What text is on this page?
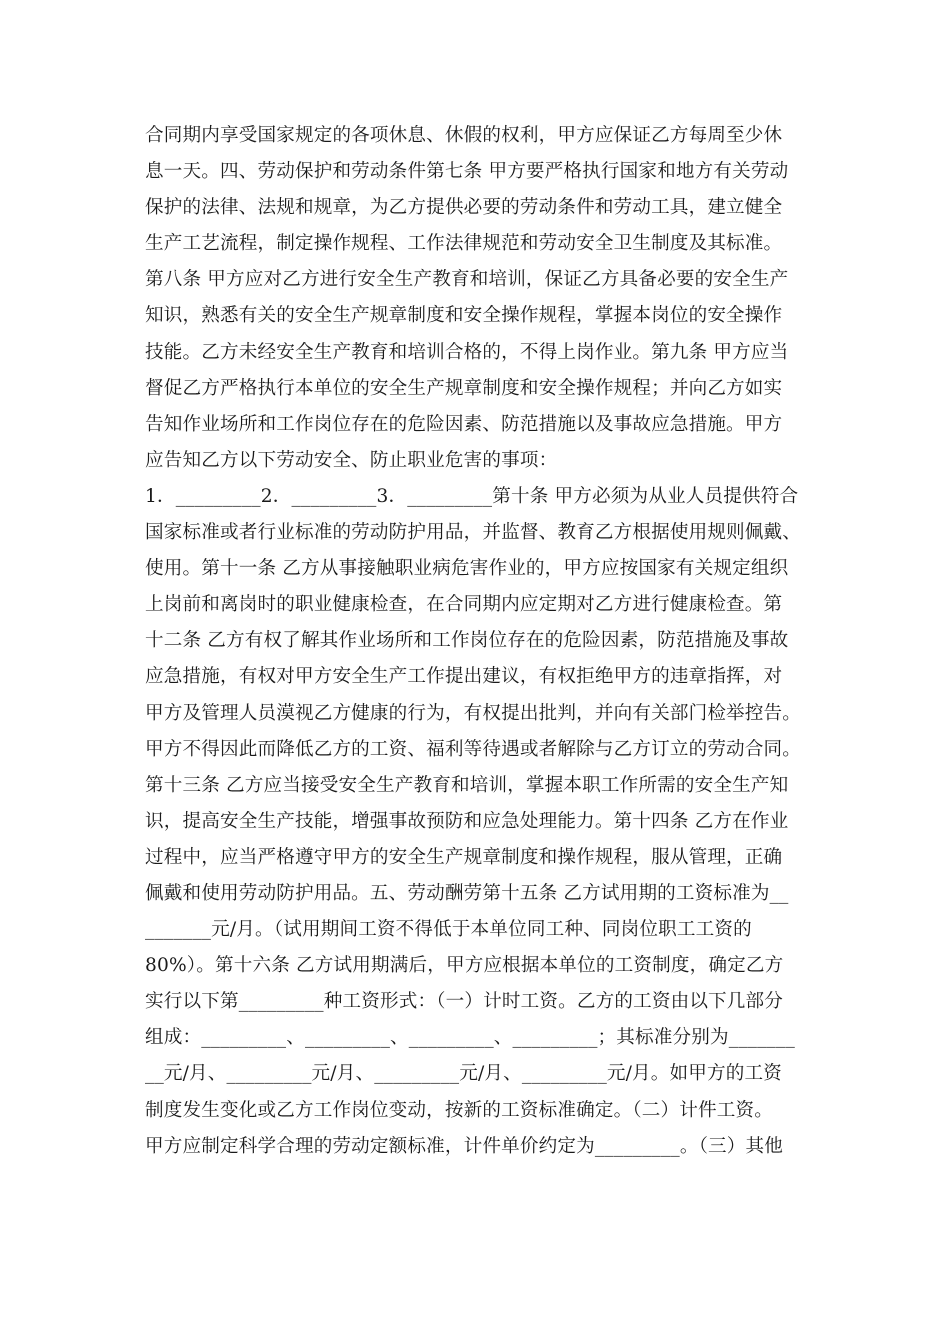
合同期内享受国家规定的各项休息、休假的权利，甲方应保证乙方每周至少休
息一天。四、劳动保护和劳动条件第七条 甲方要严格执行国家和地方有关劳动
保护的法律、法规和规章，为乙方提供必要的劳动条件和劳动工具，建立健全
生产工艺流程，制定操作规程、工作法律规范和劳动安全卫生制度及其标准。
第八条 甲方应对乙方进行安全生产教育和培训，保证乙方具备必要的安全生产
知识，熟悉有关的安全生产规章制度和安全操作规程，掌握本岗位的安全操作
技能。乙方未经安全生产教育和培训合格的，不得上岗作业。第九条 甲方应当
督促乙方严格执行本单位的安全生产规章制度和安全操作规程；并向乙方如实
告知作业场所和工作岗位存在的危险因素、防范措施以及事故应急措施。甲方
应告知乙方以下劳动安全、防止职业危害的事项：
1．_________2．_________3．_________第十条 甲方必须为从业人员提供符合
国家标准或者行业标准的劳动防护用品，并监督、教育乙方根据使用规则佩戴、
使用。第十一条 乙方从事接触职业病危害作业的，甲方应按国家有关规定组织
上岗前和离岗时的职业健康检查，在合同期内应定期对乙方进行健康检查。第
十二条 乙方有权了解其作业场所和工作岗位存在的危险因素，防范措施及事故
应急措施，有权对甲方安全生产工作提出建议，有权拒绝甲方的违章指挥，对
甲方及管理人员漠视乙方健康的行为，有权提出批判，并向有关部门检举控告。
甲方不得因此而降低乙方的工资、福利等待遇或者解除与乙方订立的劳动合同。
第十三条 乙方应当接受安全生产教育和培训，掌握本职工作所需的安全生产知
识，提高安全生产技能，增强事故预防和应急处理能力。第十四条 乙方在作业
过程中，应当严格遵守甲方的安全生产规章制度和操作规程，服从管理，正确
佩戴和使用劳动防护用品。五、劳动酬劳第十五条 乙方试用期的工资标准为__
_______元/月。（试用期间工资不得低于本单位同工种、同岗位职工工资的
80%）。第十六条 乙方试用期满后，甲方应根据本单位的工资制度，确定乙方
实行以下第_________种工资形式：（一）计时工资。乙方的工资由以下几部分
组成：_________、_________、_________、_________；其标准分别为_______
__元/月、_________元/月、_________元/月、_________元/月。如甲方的工资
制度发生变化或乙方工作岗位变动，按新的工资标准确定。（二）计件工资。
甲方应制定科学合理的劳动定额标准，计件单价约定为_________。（三）其他
